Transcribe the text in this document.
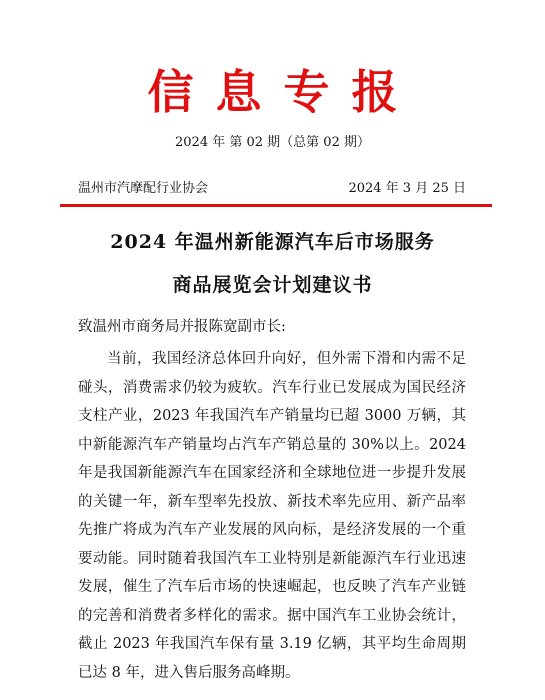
信息专报
2024 年 第 02 期（总第 02 期）
温州市汽摩配行业协会	2024 年 3 月 25 日
2024 年温州新能源汽车后市场服务
商品展览会计划建议书
致温州市商务局并报陈宽副市长:

当前，我国经济总体回升向好，但外需下滑和内需不足碰头，消费需求仍较为疲软。汽车行业已发展成为国民经济支柱产业，2023 年我国汽车产销量均已超 3000 万辆，其中新能源汽车产销量均占汽车产销总量的 30%以上。2024 年是我国新能源汽车在国家经济和全球地位进一步提升发展的关键一年，新车型率先投放、新技术率先应用、新产品率先推广将成为汽车产业发展的风向标，是经济发展的一个重要动能。同时随着我国汽车工业特别是新能源汽车行业迅速发展，催生了汽车后市场的快速崛起，也反映了汽车产业链的完善和消费者多样化的需求。据中国汽车工业协会统计，截止 2023 年我国汽车保有量 3.19 亿辆，其平均生命周期已达 8 年，进入售后服务高峰期。
